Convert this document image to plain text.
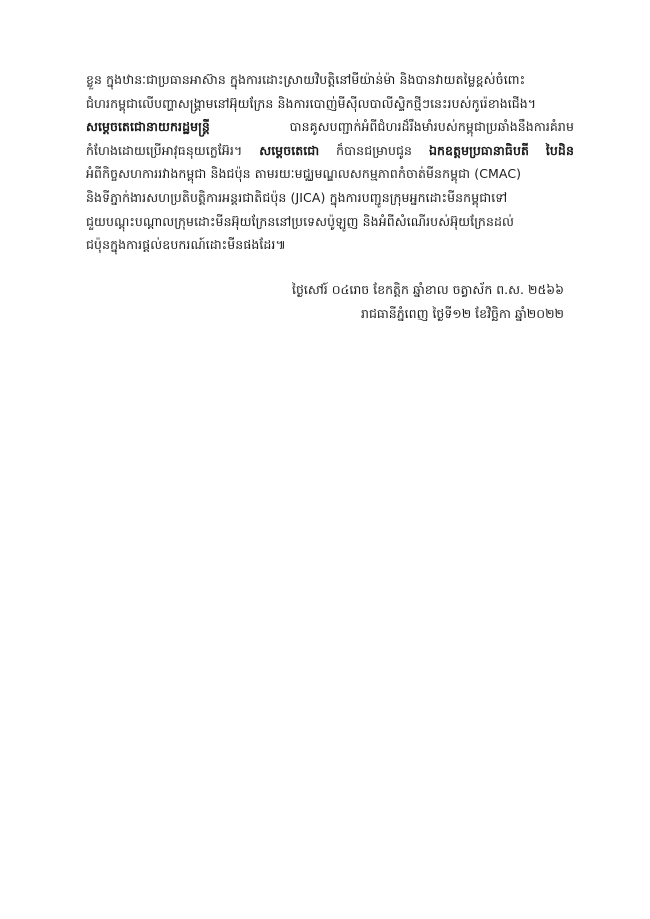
ខ្លួន ក្នុងឋានៈជាប្រធានអាស៊ាន ក្នុងការដោះស្រាយវិបត្តិនៅមីយ៉ាន់ម៉ា និងបានវាយតម្លៃខ្ពស់ចំពោះ
ជំហរកម្ពុជាលើបញ្ហាសង្គ្រាមនៅអ៊ុយក្រែន និងការបោញ់មីស៊ីលបាលីស្ទិកថ្មីៗនេះរបស់កូរ៉េខាងជើង។
សម្តេចតេជោនាយករដ្ឋមន្ត្រី	បានគូសបញ្ជាក់អំពីជំហរដ៏រឹងមាំរបស់កម្ពុជាប្រឆាំងនឹងការគំរាម
កំហែងដោយប្រើអាវុធនុយក្លេអ៊ែរ។ សម្តេចតេជោ ក៏បានជម្រាបជូន ឯកឧត្តមប្រធានាធិបតី បៃដិន
អំពីកិច្ចសហការរវាងកម្ពុជា និងជប៉ុន តាមរយៈមជ្ឈមណ្ឌលសកម្មភាពកំចាត់មីនកម្ពុជា (CMAC)
និងទីភ្នាក់ងារសហប្រតិបត្តិការអន្តរជាតិជប៉ុន (JICA) ក្នុងការបញ្ជូនក្រុមអ្នកដោះមីនកម្ពុជាទៅ
ជួយបណ្តុះបណ្តាលក្រុមដោះមីនអ៊ុយក្រែននៅប្រទេសប៉ូឡូញ និងអំពីសំណើរបស់អ៊ុយក្រែនដល់
ជប៉ុនក្នុងការផ្តល់ឧបករណ៍ដោះមីនផងដែរ៕
ថ្ងៃសៅរ៍ ០៤រោច ខែកត្តិក ឆ្នាំខាល ចត្វាស័ក ព.ស. ២៥៦៦
រាជធានីភ្នំពេញ ថ្ងៃទី១២ ខែវិច្ឆិកា ឆ្នាំ២០២២
